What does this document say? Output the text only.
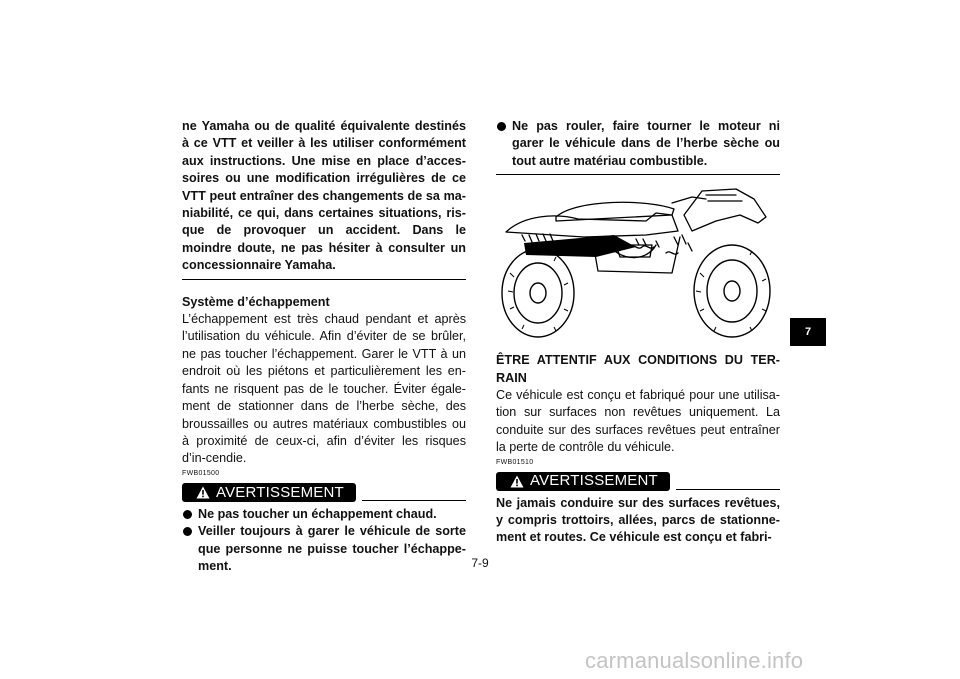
ne Yamaha ou de qualité équivalente destinés à ce VTT et veiller à les utiliser conformément aux instructions. Une mise en place d’acces-soires ou une modification irrégulières de ce VTT peut entraîner des changements de sa ma-niabilité, ce qui, dans certaines situations, ris-que de provoquer un accident. Dans le moindre doute, ne pas hésiter à consulter un concessionnaire Yamaha.

Système d’échappement

L’échappement est très chaud pendant et après l’utilisation du véhicule. Afin d’éviter de se brûler, ne pas toucher l’échappement. Garer le VTT à un endroit où les piétons et particulièrement les en-fants ne risquent pas de le toucher. Éviter égale-ment de stationner dans de l’herbe sèche, des broussailles ou autres matériaux combustibles ou à proximité de ceux-ci, afin d’éviter les risques d’in-cendie.

FWB01500

AVERTISSEMENT
Ne pas toucher un échappement chaud.
Veiller toujours à garer le véhicule de sorte que personne ne puisse toucher l’échappe-ment.
Ne pas rouler, faire tourner le moteur ni garer le véhicule dans de l’herbe sèche ou tout autre matériau combustible.

ÊTRE ATTENTIF AUX CONDITIONS DU TER-RAIN

Ce véhicule est conçu et fabriqué pour une utilisa-tion sur surfaces non revêtues uniquement. La conduite sur des surfaces revêtues peut entraîner la perte de contrôle du véhicule.

FWB01510

AVERTISSEMENT

Ne jamais conduire sur des surfaces revêtues, y compris trottoirs, allées, parcs de stationne-ment et routes. Ce véhicule est conçu et fabri-

7
7-9
carmanualsonline.info
